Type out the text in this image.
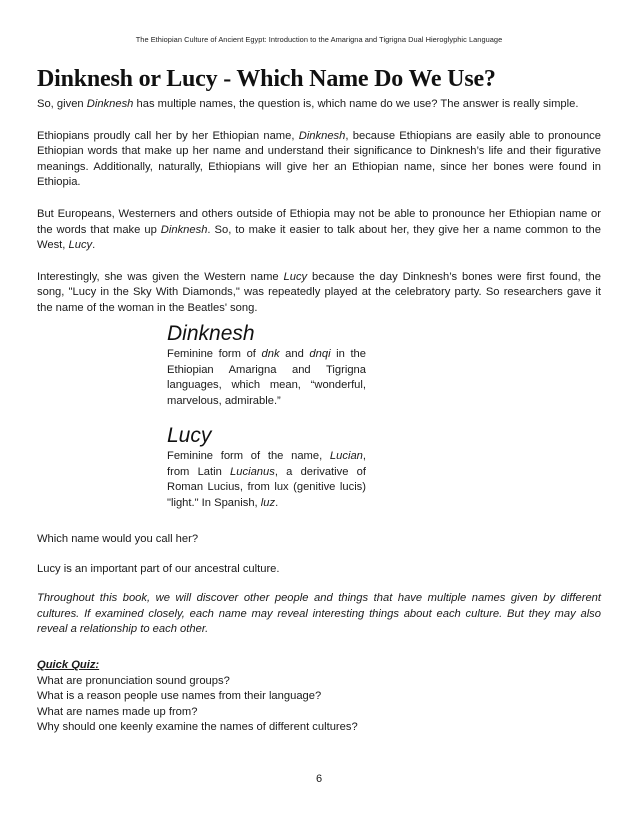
The Ethiopian Culture of Ancient Egypt: Introduction to the Amarigna and Tigrigna Dual Hieroglyphic Language
Dinknesh or Lucy - Which Name Do We Use?

So, given Dinknesh has multiple names, the question is, which name do we use? The answer is really simple.

Ethiopians proudly call her by her Ethiopian name, Dinknesh, because Ethiopians are easily able to pronounce Ethiopian words that make up her name and understand their significance to Dinknesh’s life and their figurative meanings. Additionally, naturally, Ethiopians will give her an Ethiopian name, since her bones were found in Ethiopia.

But Europeans, Westerners and others outside of Ethiopia may not be able to pronounce her Ethiopian name or the words that make up Dinknesh. So, to make it easier to talk about her, they give her a name common to the West, Lucy.

Interestingly, she was given the Western name Lucy because the day Dinknesh’s bones were first found, the song, "Lucy in the Sky With Diamonds," was repeatedly played at the celebratory party. So researchers gave it the name of the woman in the Beatles' song.

Dinknesh

Feminine form of dnk and dnqi in the Ethiopian Amarigna and Tigrigna languages, which mean, “wonderful, marvelous, admirable.”

Lucy

Feminine form of the name, Lucian, from Latin Lucianus, a derivative of Roman Lucius, from lux (genitive lucis) "light." In Spanish, luz.

Which name would you call her?

Lucy is an important part of our ancestral culture.

Throughout this book, we will discover other people and things that have multiple names given by different cultures. If examined closely, each name may reveal interesting things about each culture. But they may also reveal a relationship to each other.

Quick Quiz:

What are pronunciation sound groups?

What is a reason people use names from their language?

What are names made up from?

Why should one keenly examine the names of different cultures?

6
